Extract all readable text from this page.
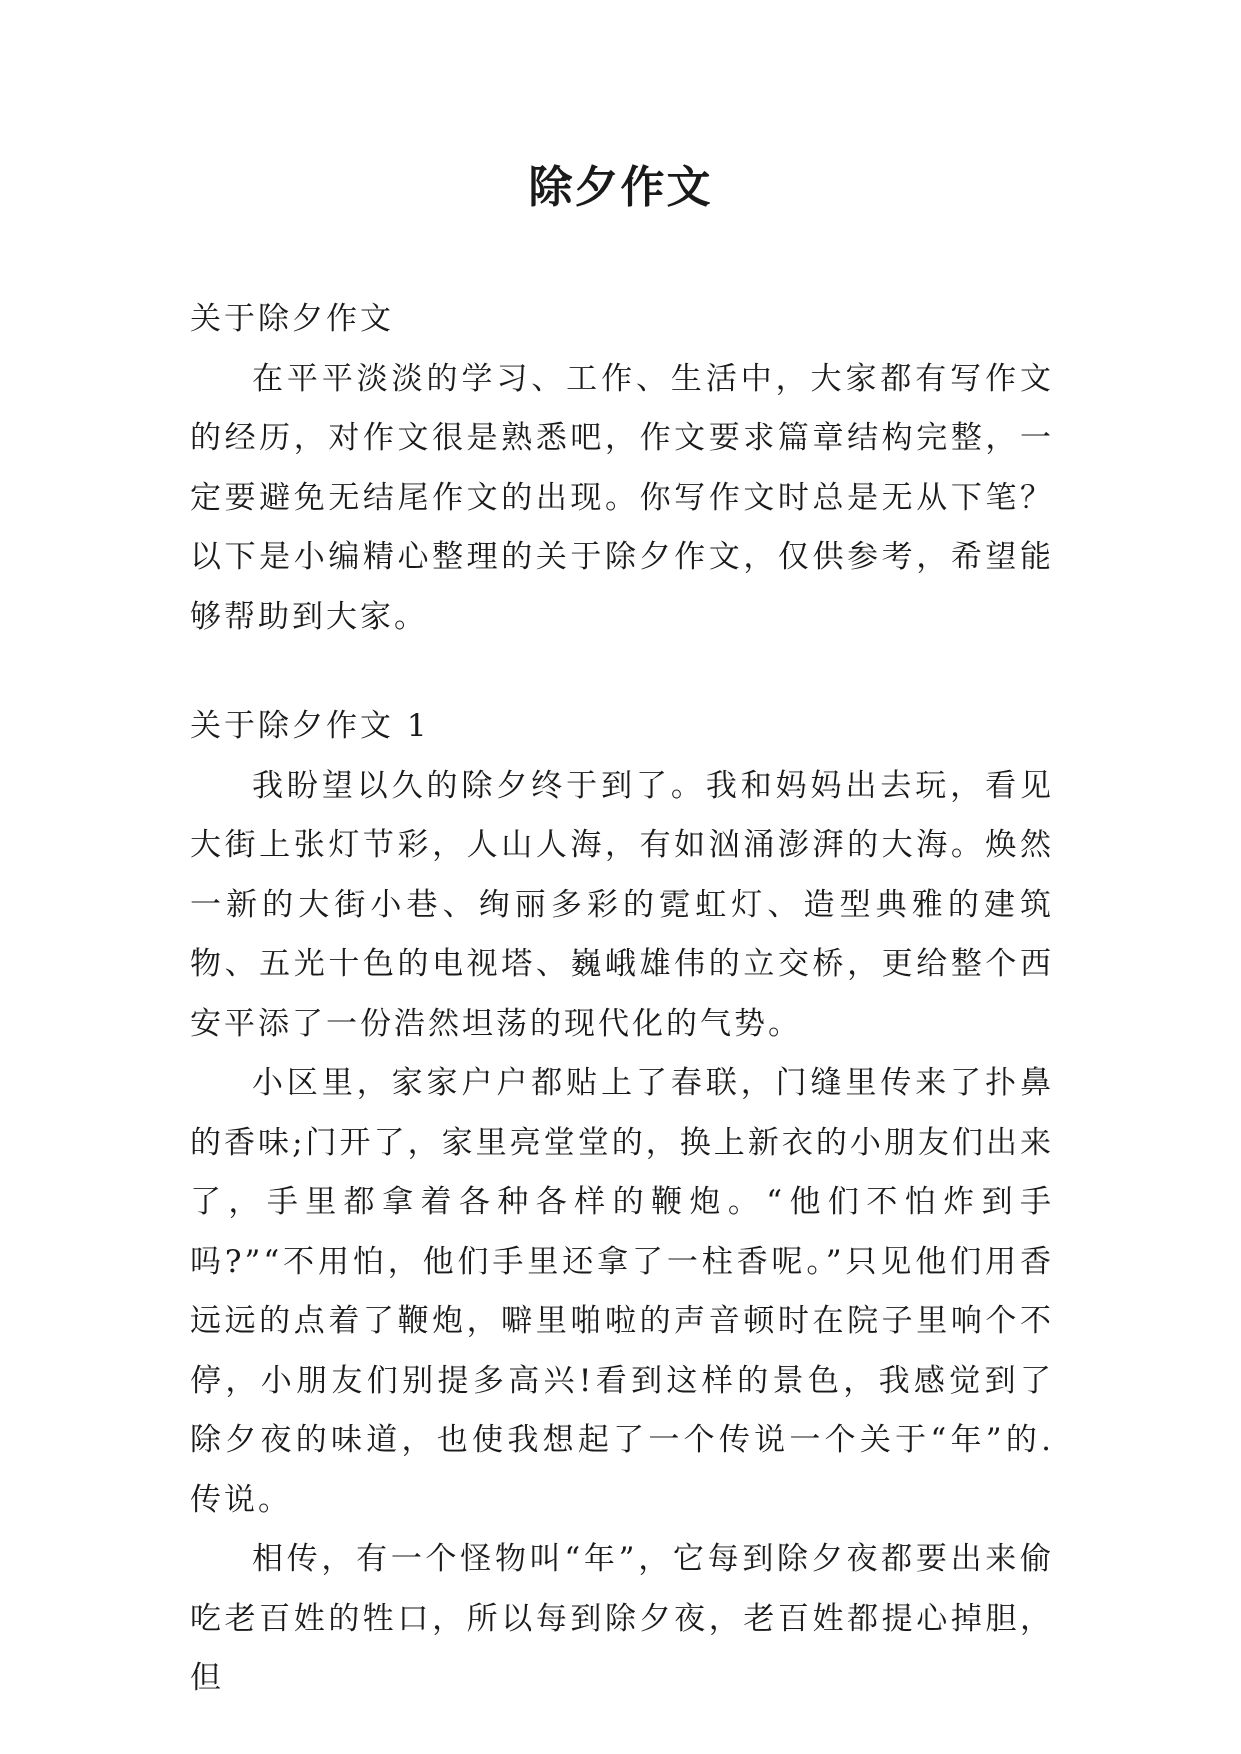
除夕作文

关于除夕作文

在平平淡淡的学习、工作、生活中，大家都有写作文的经历，对作文很是熟悉吧，作文要求篇章结构完整，一定要避免无结尾作文的出现。你写作文时总是无从下笔？以下是小编精心整理的关于除夕作文，仅供参考，希望能够帮助到大家。

关于除夕作文 1

我盼望以久的除夕终于到了。我和妈妈出去玩，看见大街上张灯节彩，人山人海，有如汹涌澎湃的大海。焕然一新的大街小巷、绚丽多彩的霓虹灯、造型典雅的建筑物、五光十色的电视塔、巍峨雄伟的立交桥，更给整个西安平添了一份浩然坦荡的现代化的气势。

小区里，家家户户都贴上了春联，门缝里传来了扑鼻的香味;门开了，家里亮堂堂的，换上新衣的小朋友们出来了，手里都拿着各种各样的鞭炮。“他们不怕炸到手吗?”“不用怕，他们手里还拿了一柱香呢。”只见他们用香远远的点着了鞭炮，噼里啪啦的声音顿时在院子里响个不停，小朋友们别提多高兴!看到这样的景色，我感觉到了除夕夜的味道，也使我想起了一个传说一个关于“年”的.传说。

相传，有一个怪物叫“年”，它每到除夕夜都要出来偷吃老百姓的牲口，所以每到除夕夜，老百姓都提心掉胆，但
